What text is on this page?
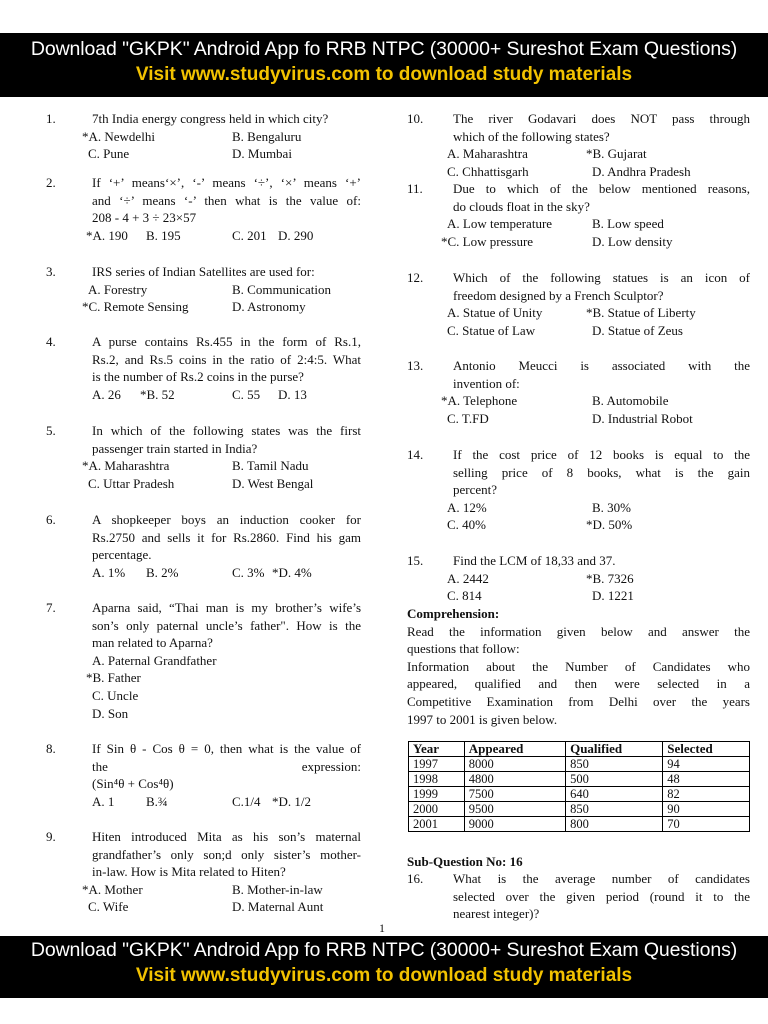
Download "GKPK" Android App fo RRB NTPC (30000+ Sureshot Exam Questions)
Visit www.studyvirus.com to download study materials
Comprehension:
Read the information given below and answer the
questions that follow:
Information about the Number of Candidates who
appeared, qualified and then were selected in a
Competitive Examination from Delhi over the years
1997 to 2001 is given below.
Year	Appeared	Qualified	Selected
1997	8000	850	94
1998	4800	500	48
1999	7500	640	82
2000	9500	850	90
2001	9000	800	70
Sub-Question No: 16
16. What is the average number of candidates
selected over the given period (round it to the
nearest integer)?
1
Download "GKPK" Android App fo RRB NTPC (30000+ Sureshot Exam Questions)
Visit www.studyvirus.com to download study materials
1.	7th India energy congress held in which city?
*A. Newdelhi	B. Bengaluru
C. Pune	D. Mumbai
2.	If ‘+’ means‘×’, ‘-’ means ‘÷’, ‘×’ means ‘+’
and ‘÷’ means ‘-’ then what is the value of:
208 - 4 + 3 ÷ 23×57
*A. 190 B. 195	C. 201 D. 290
3.	IRS series of Indian Satellites are used for:
A. Forestry	B. Communication
*C. Remote Sensing	D. Astronomy
4.	A purse contains Rs.455 in the form of Rs.1,
Rs.2, and Rs.5 coins in the ratio of 2:4:5. What
is the number of Rs.2 coins in the purse?
A. 26 *B. 52	C. 55 D. 13
5.	In which of the following states was the first
passenger train started in India?
*A. Maharashtra	B. Tamil Nadu
C. Uttar Pradesh	D. West Bengal
6.	A shopkeeper boys an induction cooker for
Rs.2750 and sells it for Rs.2860. Find his gam
percentage.
A. 1% B. 2%	C. 3% *D. 4%
7.	Aparna said, “Thai man is my brother’s wife’s
son’s only paternal uncle’s father". How is the
man related to Aparna?
A. Paternal Grandfather
*B. Father
C. Uncle
D. Son
8.	If Sin θ - Cos θ = 0, then what is the value of
the expression:
(Sin⁴θ + Cos⁴θ)
A. 1 B.¾	C.1/4 *D. 1/2
9.	Hiten introduced Mita as his son’s maternal
grandfather’s only son;d only sister’s mother-
in-law. How is Mita related to Hiten?
*A. Mother	B. Mother-in-law
C. Wife	D. Maternal Aunt
10. The river Godavari does NOT pass through
which of the following states?
A. Maharashtra	*B. Gujarat
C. Chhattisgarh	D. Andhra Pradesh
11. Due to which of the below mentioned reasons,
do clouds float in the sky?
A. Low temperature	B. Low speed
*C. Low pressure	D. Low density
12. Which of the following statues is an icon of
freedom designed by a French Sculptor?
A. Statue of Unity	*B. Statue of Liberty
C. Statue of Law	D. Statue of Zeus
13. Antonio Meucci is associated with the
invention of:
*A. Telephone	B. Automobile
C. T.FD	D. Industrial Robot
14. If the cost price of 12 books is equal to the
selling price of 8 books, what is the gain
percent?
A. 12%	B. 30%
C. 40%	*D. 50%
15. Find the LCM of 18,33 and 37.
A. 2442	*B. 7326
C. 814	D. 1221
